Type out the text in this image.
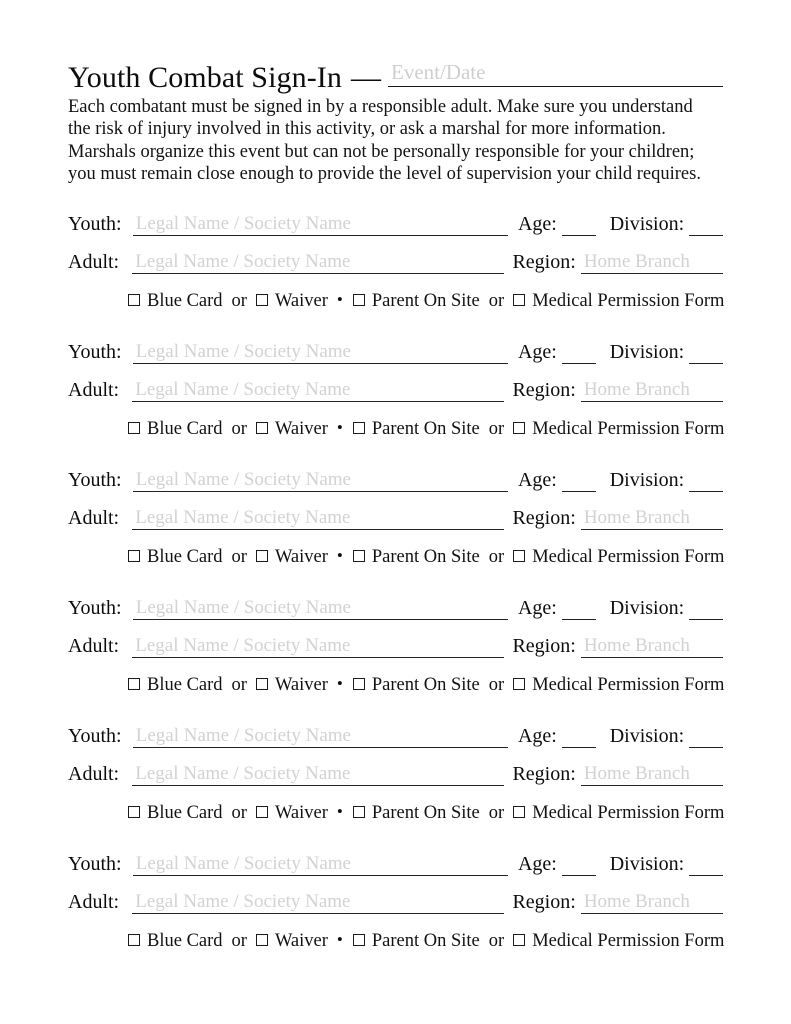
Youth Combat Sign-In — Event/Date

Each combatant must be signed in by a responsible adult. Make sure you understand

the risk of injury involved in this activity, or ask a marshal for more information.

Marshals organize this event but can not be personally responsible for your children;

you must remain close enough to provide the level of supervision your child requires.

Youth: Legal Name / Society Name	Age:	Division:
Adult: Legal Name / Society Name	Region: Home Branch
Blue Card or Waiver • Parent On Site or Medical Permission Form
Youth: Legal Name / Society Name	Age:	Division:
Adult: Legal Name / Society Name	Region: Home Branch
Blue Card or Waiver • Parent On Site or Medical Permission Form
Youth: Legal Name / Society Name	Age:	Division:
Adult: Legal Name / Society Name	Region: Home Branch
Blue Card or Waiver • Parent On Site or Medical Permission Form
Youth: Legal Name / Society Name	Age:	Division:
Adult: Legal Name / Society Name	Region: Home Branch
Blue Card or Waiver • Parent On Site or Medical Permission Form
Youth: Legal Name / Society Name	Age:	Division:
Adult: Legal Name / Society Name	Region: Home Branch
Blue Card or Waiver • Parent On Site or Medical Permission Form
Youth: Legal Name / Society Name	Age:	Division:
Adult: Legal Name / Society Name	Region: Home Branch
Blue Card or Waiver • Parent On Site or Medical Permission Form
